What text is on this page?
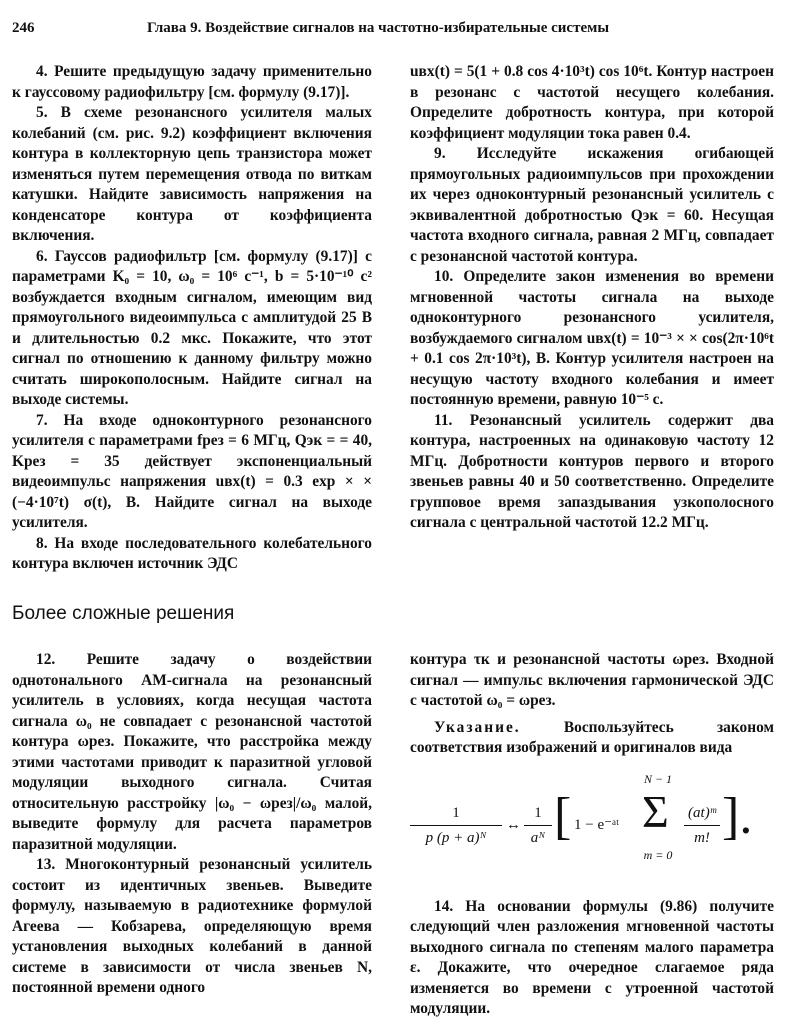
246	Глава 9. Воздействие сигналов на частотно-избирательные системы

4. Решите предыдущую задачу применительно к гауссовому радиофильтру [см. формулу (9.17)].

5. В схеме резонансного усилителя малых колебаний (см. рис. 9.2) коэффициент включения контура в коллекторную цепь транзистора может изменяться путем перемещения отвода по виткам катушки. Найдите зависимость напряжения на конденсаторе контура от коэффициента включения.

6. Гауссов радиофильтр [см. формулу (9.17)] с параметрами K₀ = 10, ω₀ = 10⁶ с⁻¹, b = 5·10⁻¹⁰ с² возбуждается входным сигналом, имеющим вид прямоугольного видеоимпульса с амплитудой 25 В и длительностью 0.2 мкс. Покажите, что этот сигнал по отношению к данному фильтру можно считать широкополосным. Найдите сигнал на выходе системы.

7. На входе одноконтурного резонансного усилителя с параметрами fрез = 6 МГц, Qэк = = 40, Kрез = 35 действует экспоненциальный видеоимпульс напряжения uвх(t) = 0.3 exp × × (−4·10⁷t) σ(t), В. Найдите сигнал на выходе усилителя.

8. На входе последовательного колебательного контура включен источник ЭДС

uвх(t) = 5(1 + 0.8 cos 4·10³t) cos 10⁶t. Контур настроен в резонанс с частотой несущего колебания. Определите добротность контура, при которой коэффициент модуляции тока равен 0.4.

9. Исследуйте искажения огибающей прямоугольных радиоимпульсов при прохождении их через одноконтурный резонансный усилитель с эквивалентной добротностью Qэк = 60. Несущая частота входного сигнала, равная 2 МГц, совпадает с резонансной частотой контура.

10. Определите закон изменения во времени мгновенной частоты сигнала на выходе одноконтурного резонансного усилителя, возбуждаемого сигналом uвх(t) = 10⁻³ × × cos(2π·10⁶t + 0.1 cos 2π·10³t), В. Контур усилителя настроен на несущую частоту входного колебания и имеет постоянную времени, равную 10⁻⁵ с.

11. Резонансный усилитель содержит два контура, настроенных на одинаковую частоту 12 МГц. Добротности контуров первого и второго звеньев равны 40 и 50 соответственно. Определите групповое время запаздывания узкополосного сигнала с центральной частотой 12.2 МГц.

Более сложные решения

12. Решите задачу о воздействии однотонального АМ-сигнала на резонансный усилитель в условиях, когда несущая частота сигнала ω₀ не совпадает с резонансной частотой контура ωрез. Покажите, что расстройка между этими частотами приводит к паразитной угловой модуляции выходного сигнала. Считая относительную расстройку |ω₀ − ωрез|/ω₀ малой, выведите формулу для расчета параметров паразитной модуляции.

13. Многоконтурный резонансный усилитель состоит из идентичных звеньев. Выведите формулу, называемую в радиотехнике формулой Агеева — Кобзарева, определяющую время установления выходных колебаний в данной системе в зависимости от числа звеньев N, постоянной времени одного

контура τк и резонансной частоты ωрез. Входной сигнал — импульс включения гармонической ЭДС с частотой ω₀ = ωрез.

Указание.	Воспользуйтесь законом соответствия изображений и оригиналов вида

1
p (p + a)ᴺ
↔
1
aᴺ [ 1 − e⁻ᵃᵗ
N − 1
Σ
m = 0
(at)ᵐ
m! ].

14. На основании формулы (9.86) получите следующий член разложения мгновенной частоты выходного сигнала по степеням малого параметра ε. Докажите, что очередное слагаемое ряда изменяется во времени с утроенной частотой модуляции.
